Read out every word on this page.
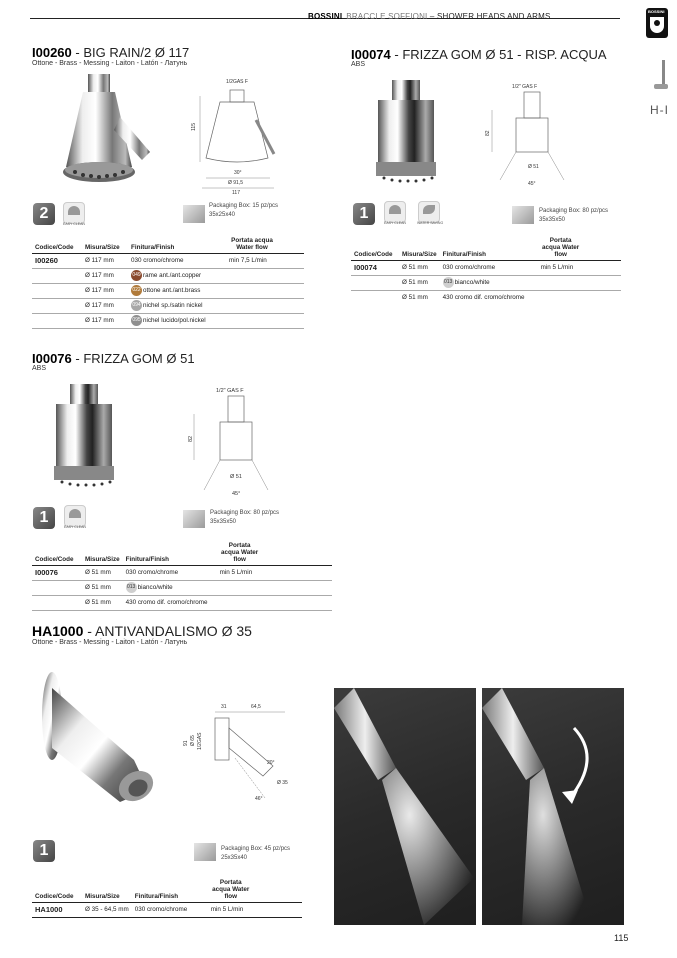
BOSSINI BRACCI E SOFFIONI – SHOWER HEADS AND ARMS
BOSSINI
H-I
I00260 - BIG RAIN/2 Ø 117
Ottone - Brass - Messing - Laiton - Latón - Латунь
1/2GAS F
115
30°
Ø 91,5
117
2
EASY CLEAN
Packaging Box: 15 pz/pcs
35x25x40
Codice/Code	Misura/Size	Finitura/Finish	Portata acqua Water flow

I00260	Ø 117 mm	030 cromo/chrome	min 7,5 L/min
	Ø 117 mm	049 rame ant./ant.copper	
	Ø 117 mm	022 ottone ant./ant.brass	
	Ø 117 mm	094 nichel sp./satin nickel	
	Ø 117 mm	095 nichel lucido/pol.nickel	
I00074 - FRIZZA GOM Ø 51 - RISP. ACQUA
ABS
1/2" GAS F
82
Ø 51
45°
1
EASY CLEAN	WATER SAVING
Packaging Box: 80 pz/pcs
35x35x50
Codice/Code	Misura/Size	Finitura/Finish	Portata acqua Water flow

I00074	Ø 51 mm	030 cromo/chrome	min 5 L/min
	Ø 51 mm	013 bianco/white	
	Ø 51 mm	430 cromo dif. cromo/chrome	
I00076 - FRIZZA GOM Ø 51
ABS
1/2" GAS F
82
Ø 51
45°
1
EASY CLEAN
Packaging Box: 80 pz/pcs
35x35x50
Codice/Code	Misura/Size	Finitura/Finish	Portata acqua Water flow

I00076	Ø 51 mm	030 cromo/chrome	min 5 L/min
	Ø 51 mm	013 bianco/white	
	Ø 51 mm	430 cromo dif. cromo/chrome	
HA1000 - ANTIVANDALISMO Ø 35
Ottone - Brass - Messing - Laiton - Latón - Латунь
31	64,5
91 Ø 65 1/2GAS
20°
46°
Ø 35
1	Packaging Box: 45 pz/pcs
25x35x40
Codice/Code	Misura/Size	Finitura/Finish	Portata acqua Water flow

HA1000	Ø 35 - 64,5 mm	030 cromo/chrome	min 5 L/min
115
